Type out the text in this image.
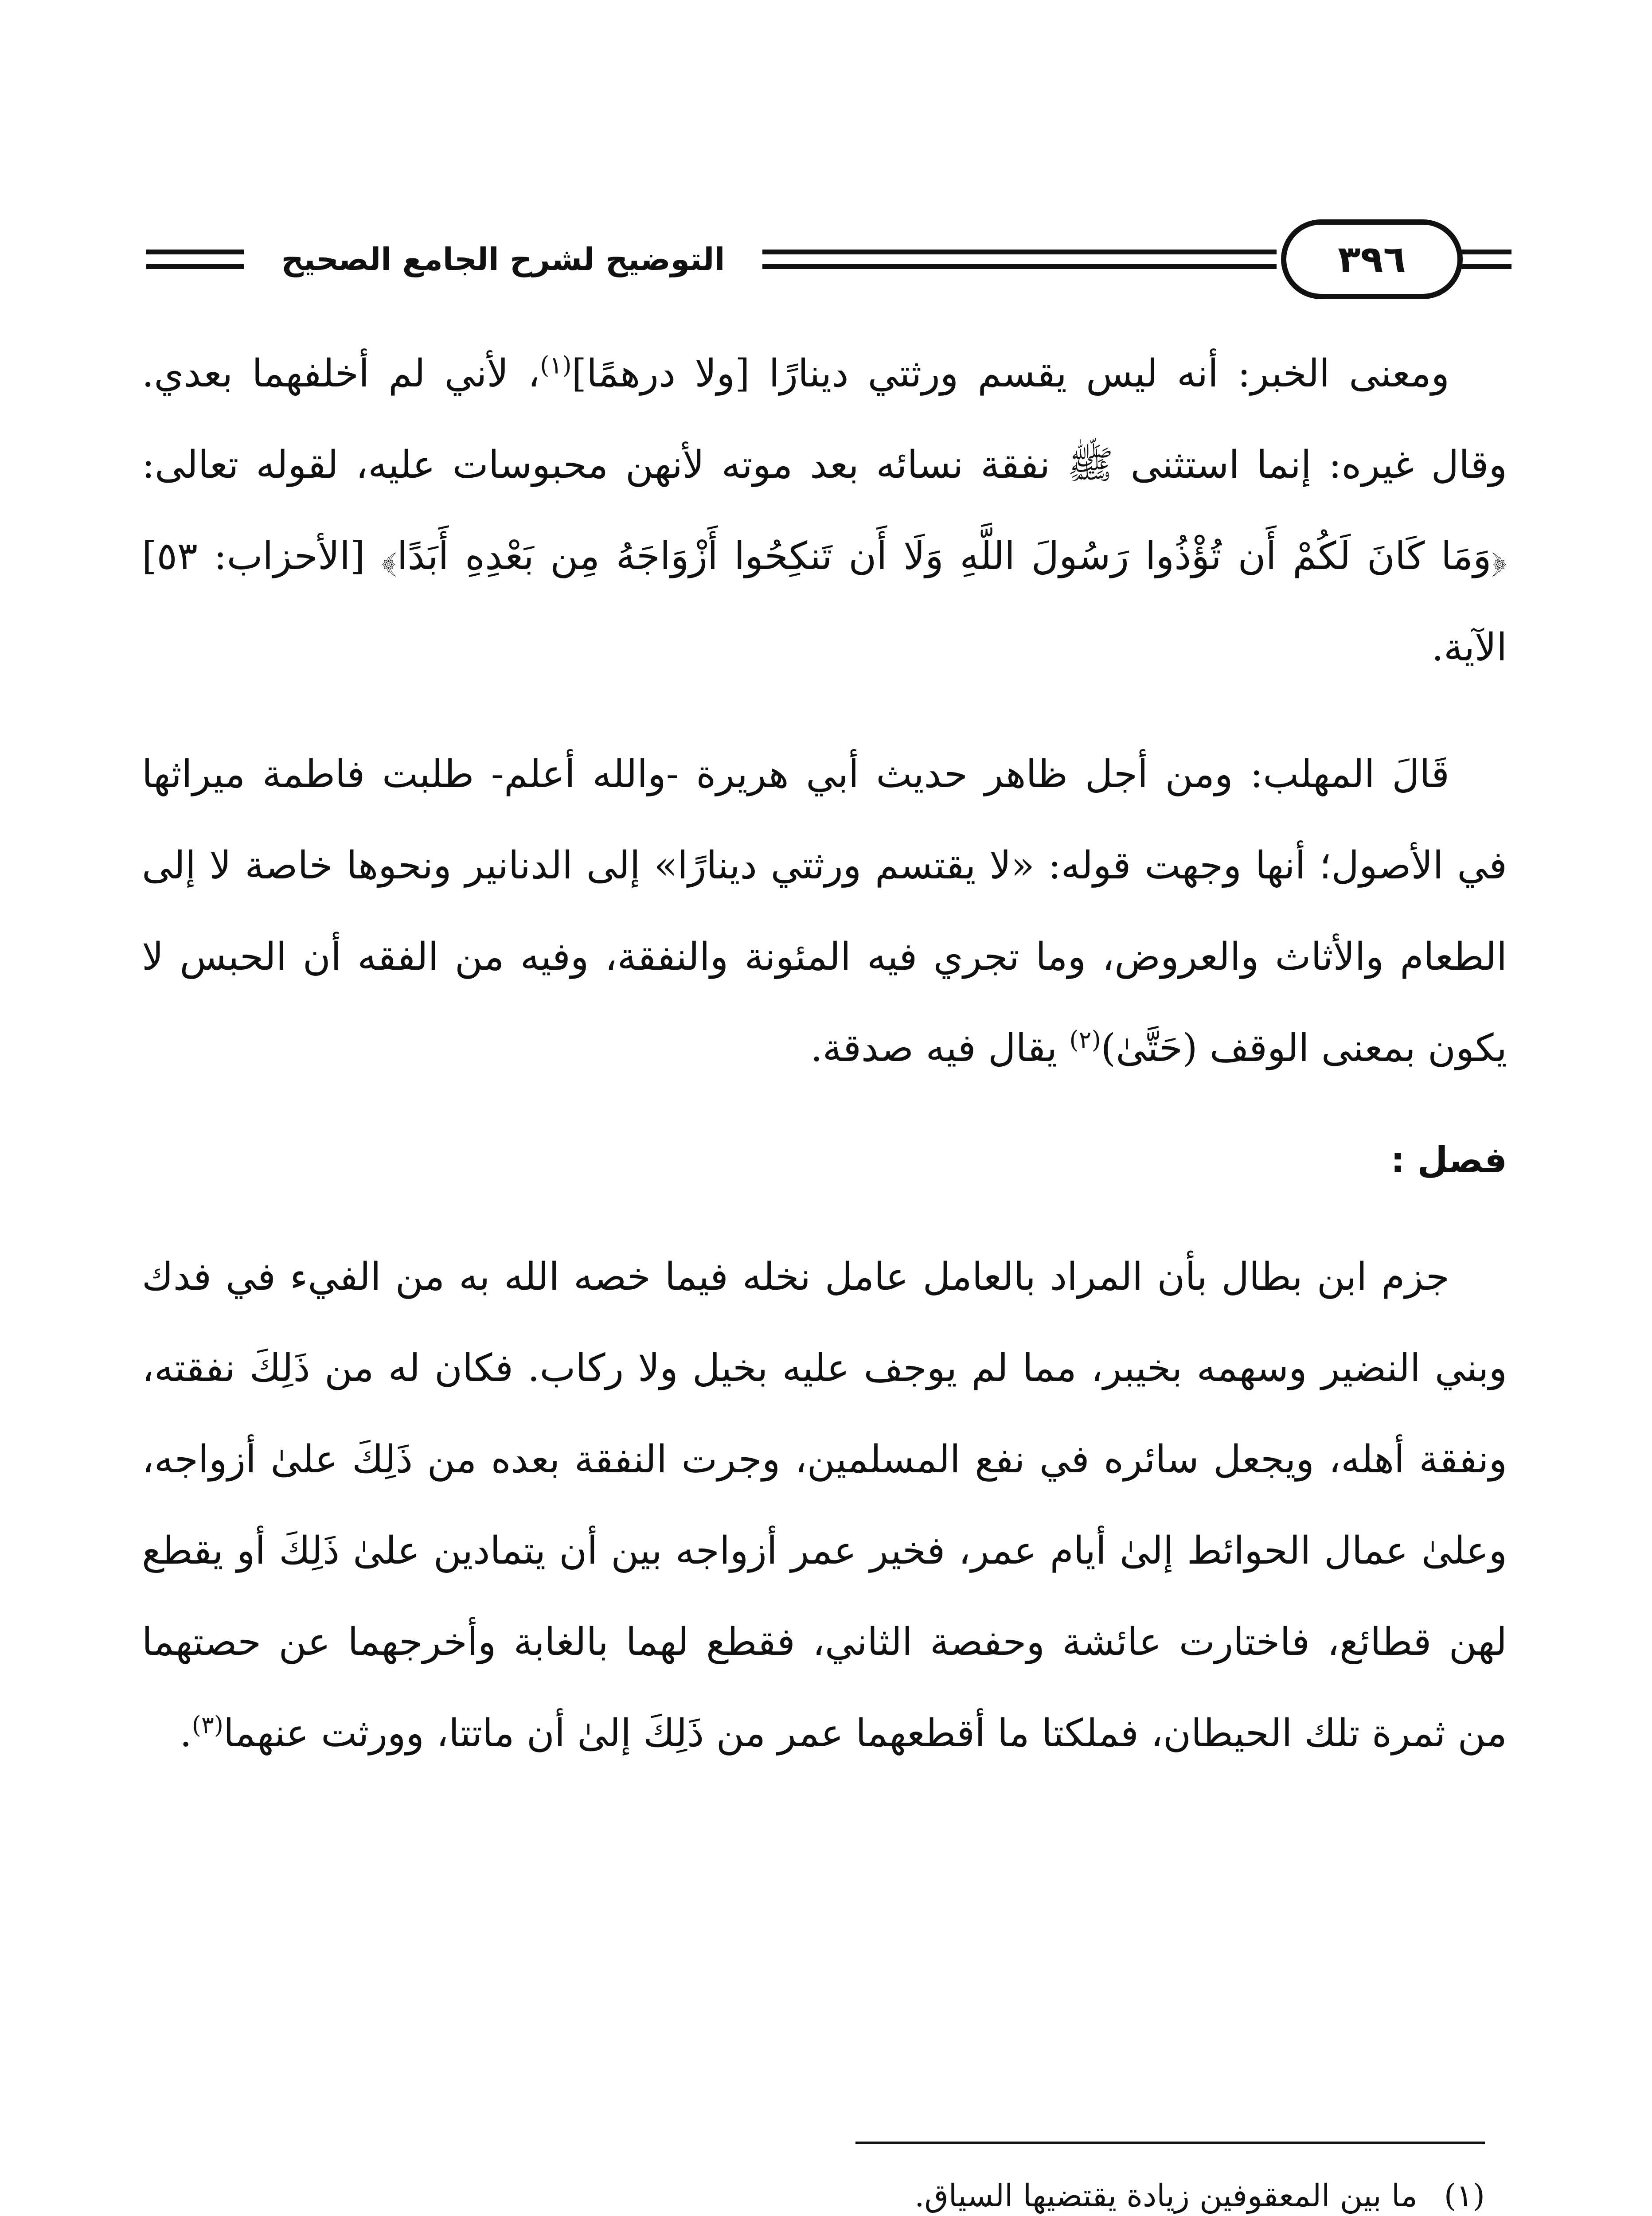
التوضيح لشرح الجامع الصحيح	٣٩٦

ومعنى الخبر: أنه ليس يقسم ورثتي دينارًا [ولا درهمًا]$^{(١)}$، لأني لم أخلفهما بعدي. وقال غيره: إنما استثنى ﷺ نفقة نسائه بعد موته لأنهن محبوسات عليه، لقوله تعالى: ﴿وَمَا كَانَ لَكُمْ أَن تُؤْذُوا رَسُولَ اللَّهِ وَلَا أَن تَنكِحُوا أَزْوَاجَهُ مِن بَعْدِهِ أَبَدًا﴾ [الأحزاب: ٥٣] الآية.

قَالَ المهلب: ومن أجل ظاهر حديث أبي هريرة -والله أعلم- طلبت فاطمة ميراثها في الأصول؛ أنها وجهت قوله: «لا يقتسم ورثتي دينارًا» إلى الدنانير ونحوها خاصة لا إلى الطعام والأثاث والعروض، وما تجري فيه المئونة والنفقة، وفيه من الفقه أن الحبس لا يكون بمعنى الوقف (حَتَّىٰ)$^{(٢)}$ يقال فيه صدقة.

فصل :

جزم ابن بطال بأن المراد بالعامل عامل نخله فيما خصه الله به من الفيء في فدك وبني النضير وسهمه بخيبر، مما لم يوجف عليه بخيل ولا ركاب. فكان له من ذَلِكَ نفقته، ونفقة أهله، ويجعل سائره في نفع المسلمين، وجرت النفقة بعده من ذَلِكَ علىٰ أزواجه، وعلىٰ عمال الحوائط إلىٰ أيام عمر، فخير عمر أزواجه بين أن يتمادين علىٰ ذَلِكَ أو يقطع لهن قطائع، فاختارت عائشة وحفصة الثاني، فقطع لهما بالغابة وأخرجهما عن حصتهما من ثمرة تلك الحيطان، فملكتا ما أقطعهما عمر من ذَلِكَ إلىٰ أن ماتتا، وورثت عنهما$^{(٣)}$.

(١)ما بين المعقوفين زيادة يقتضيها السياق.
